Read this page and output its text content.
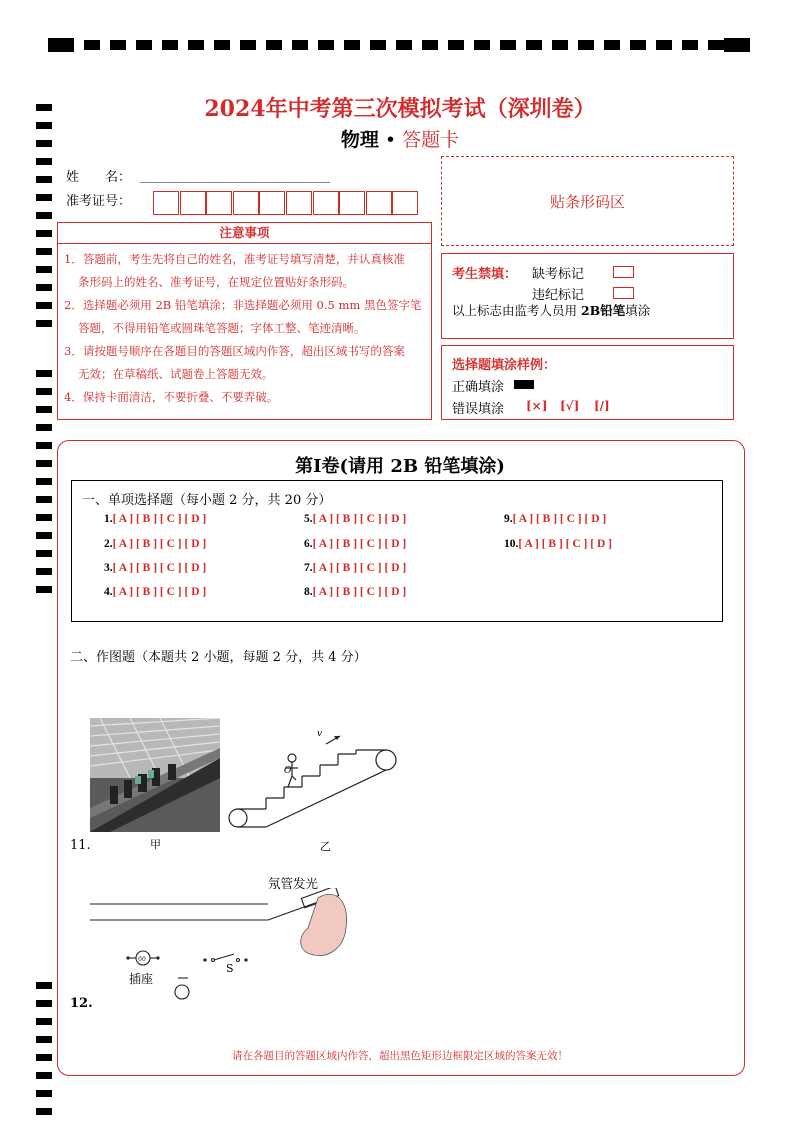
2024年中考第三次模拟考试（深圳卷）
物理 • 答题卡
姓　　名：
准考证号：	贴条形码区
注意事项
1．答题前，考生先将自己的姓名，准考证号填写清楚，并认真核准
条形码上的姓名、准考证号，在规定位置贴好条形码。
2．选择题必须用 2B 铅笔填涂；非选择题必须用 0.5 mm 黑色签字笔
答题，不得用铅笔或圆珠笔答题；字体工整、笔迹清晰。
3．请按题号顺序在各题目的答题区域内作答，超出区域书写的答案
无效；在草稿纸、试题卷上答题无效。
4．保持卡面清洁，不要折叠、不要弄破。
考生禁填： 缺考标记
违纪标记
以上标志由监考人员用 2B铅笔填涂
选择题填涂样例：
正确填涂
错误填涂 [×] [√] [/]
第Ⅰ卷(请用 2B 铅笔填涂)
一、单项选择题（每小题 2 分，共 20 分）
1.[ A ] [ B ] [ C ] [ D ]
2.[ A ] [ B ] [ C ] [ D ]
3.[ A ] [ B ] [ C ] [ D ]
4.[ A ] [ B ] [ C ] [ D ]
5.[ A ] [ B ] [ C ] [ D ]
6.[ A ] [ B ] [ C ] [ D ]
7.[ A ] [ B ] [ C ] [ D ]
8.[ A ] [ B ] [ C ] [ D ]
9.[ A ] [ B ] [ C ] [ D ]
10.[ A ] [ B ] [ C ] [ D ]
二、作图题（本题共 2 小题，每题 2 分，共 4 分）
甲
v
O
乙
11.
氖管发光
00
插座
S
12.
请在各题目的答题区域内作答，超出黑色矩形边框限定区域的答案无效！
